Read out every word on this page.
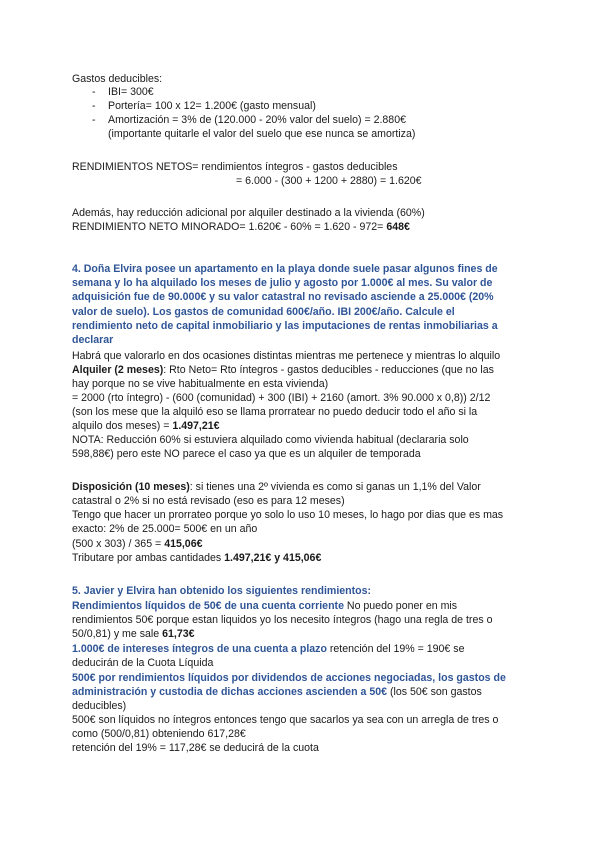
Gastos deducibles:
- IBI= 300€
- Portería= 100 x 12= 1.200€ (gasto mensual)
- Amortización = 3% de (120.000 - 20% valor del suelo) = 2.880€
(importante quitarle el valor del suelo que ese nunca se amortiza)
RENDIMIENTOS NETOS= rendimientos íntegros - gastos deducibles
= 6.000 - (300 + 1200 + 2880) = 1.620€
Además, hay reducción adicional por alquiler destinado a la vivienda (60%)
RENDIMIENTO NETO MINORADO= 1.620€ - 60% = 1.620 - 972= 648€
4. Doña Elvira posee un apartamento en la playa donde suele pasar algunos fines de
semana y lo ha alquilado los meses de julio y agosto por 1.000€ al mes. Su valor de
adquisición fue de 90.000€ y su valor catastral no revisado asciende a 25.000€ (20%
valor de suelo). Los gastos de comunidad 600€/año. IBI 200€/año. Calcule el
rendimiento neto de capital inmobiliario y las imputaciones de rentas inmobiliarias a
declarar
Habrá que valorarlo en dos ocasiones distintas mientras me pertenece y mientras lo alquilo
Alquiler (2 meses): Rto Neto= Rto íntegros - gastos deducibles - reducciones (que no las
hay porque no se vive habitualmente en esta vivienda)
= 2000 (rto íntegro) - (600 (comunidad) + 300 (IBI) + 2160 (amort. 3% 90.000 x 0,8)) 2/12
(son los mese que la alquiló eso se llama prorratear no puedo deducir todo el año si la
alquilo dos meses) = 1.497,21€
NOTA: Reducción 60% si estuviera alquilado como vivienda habitual (declararia solo
598,88€) pero este NO parece el caso ya que es un alquiler de temporada
Disposición (10 meses): si tienes una 2º vivienda es como si ganas un 1,1% del Valor
catastral o 2% si no está revisado (eso es para 12 meses)
Tengo que hacer un prorrateo porque yo solo lo uso 10 meses, lo hago por dias que es mas
exacto: 2% de 25.000= 500€ en un año
(500 x 303) / 365 = 415,06€
Tributare por ambas cantidades 1.497,21€ y 415,06€
5. Javier y Elvira han obtenido los siguientes rendimientos:
Rendimientos líquidos de 50€ de una cuenta corriente No puedo poner en mis
rendimientos 50€ porque estan liquidos yo los necesito íntegros (hago una regla de tres o
50/0,81) y me sale 61,73€
1.000€ de intereses íntegros de una cuenta a plazo retención del 19% = 190€ se
deducirán de la Cuota Líquida
500€ por rendimientos líquidos por dividendos de acciones negociadas, los gastos de
administración y custodia de dichas acciones ascienden a 50€ (los 50€ son gastos
deducibles)
500€ son líquidos no íntegros entonces tengo que sacarlos ya sea con un arregla de tres o
como (500/0,81) obteniendo 617,28€
retención del 19% = 117,28€ se deducirá de la cuota
